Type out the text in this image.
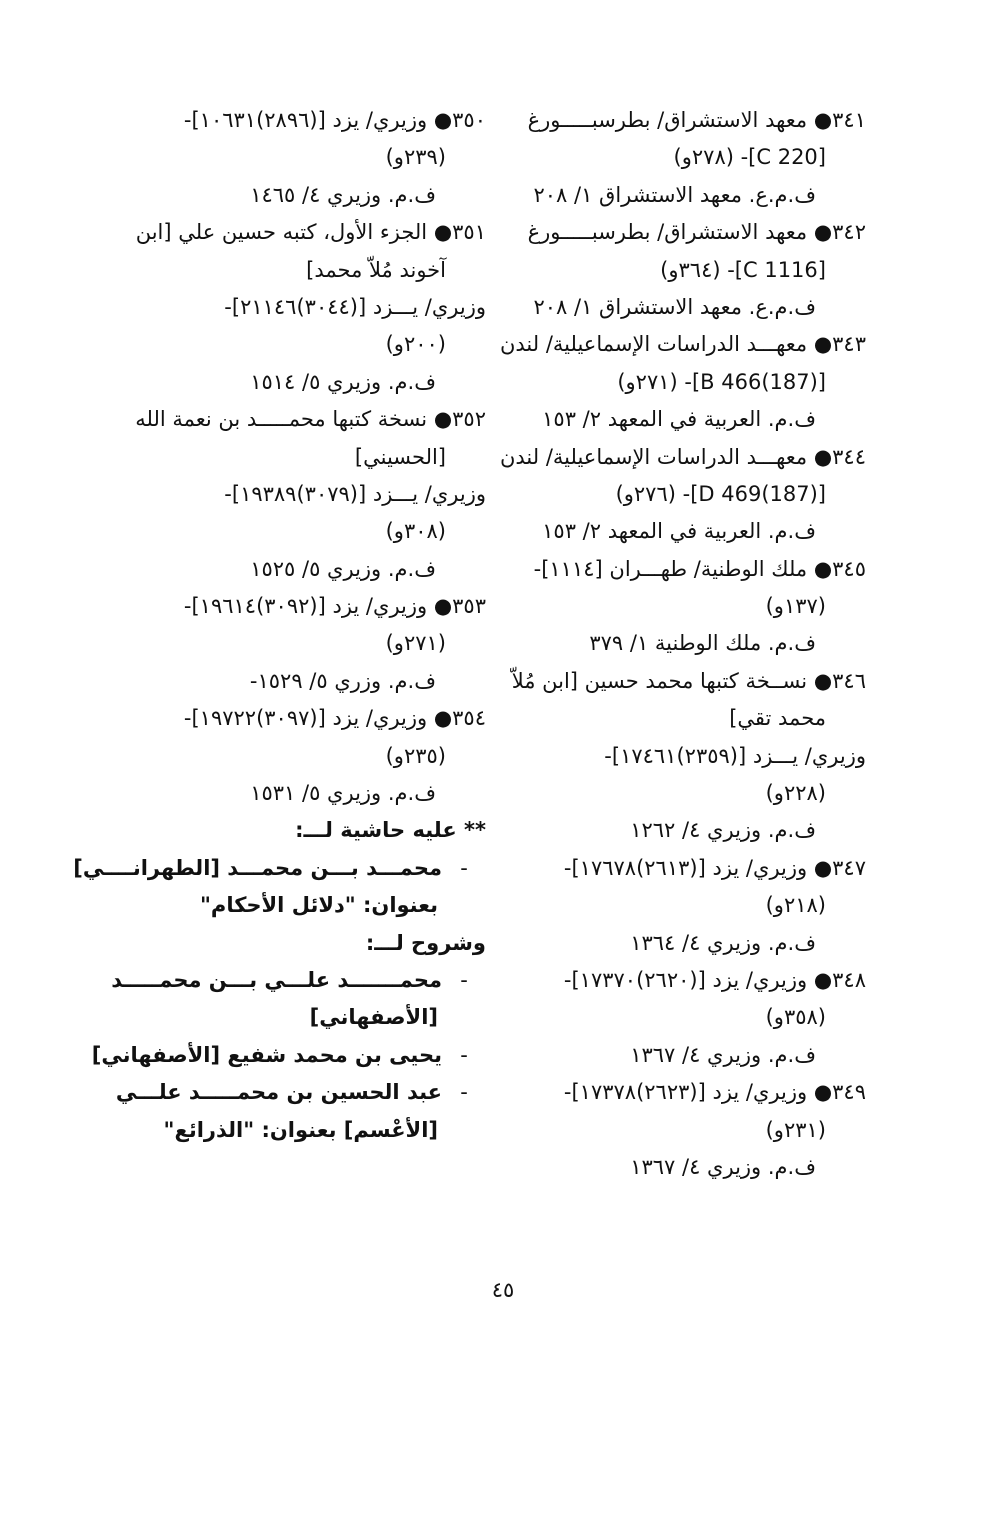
٣٤١● معهد الاستشراق/ بطرسبـــــورغ
[C 220]- (٢٧٨و)
ف.م.ع. معهد الاستشراق ١/ ٢٠٨
٣٤٢● معهد الاستشراق/ بطرسبـــــورغ
[C 1116]- (٣٦٤و)
ف.م.ع. معهد الاستشراق ١/ ٢٠٨
٣٤٣● معهـــد الدراسات الإسماعيلية/ لندن
[B 466(187)]- (٢٧١و)
ف.م. العربية في المعهد ٢/ ١٥٣
٣٤٤● معهـــد الدراسات الإسماعيلية/ لندن
[D 469(187)]- (٢٧٦و)
ف.م. العربية في المعهد ٢/ ١٥٣
٣٤٥● ملك الوطنية/ طهـــران [١١١٤]-
(١٣٧و)
ف.م. ملك الوطنية ١/ ٣٧٩
٣٤٦● نســخة كتبها محمد حسين [ابن مُلاّ
محمد تقي]
وزيري/ يـــزد [(٢٣٥٩)١٧٤٦١]-
(٢٢٨و)
ف.م. وزيري ٤/ ١٢٦٢
٣٤٧● وزيري/ يزد [(٢٦١٣)١٧٦٧٨]-
(٢١٨و)
ف.م. وزيري ٤/ ١٣٦٤
٣٤٨● وزيري/ يزد [(٢٦٢٠)١٧٣٧٠]-
(٣٥٨و)
ف.م. وزيري ٤/ ١٣٦٧
٣٤٩● وزيري/ يزد [(٢٦٢٣)١٧٣٧٨]-
(٢٣١و)
ف.م. وزيري ٤/ ١٣٦٧
٣٥٠● وزيري/ يزد [(٢٨٩٦)١٠٦٣١]-
(٢٣٩و)
ف.م. وزيري ٤/ ١٤٦٥
٣٥١● الجزء الأول، كتبه حسين علي [ابن
آخوند مُلاّ محمد]
وزيري/ يـــزد [(٣٠٤٤)٢١١٤٦]-
(٢٠٠و)
ف.م. وزيري ٥/ ١٥١٤
٣٥٢● نسخة كتبها محمـــــد بن نعمة الله
[الحسيني]
وزيري/ يـــزد [(٣٠٧٩)١٩٣٨٩]-
(٣٠٨و)
ف.م. وزيري ٥/ ١٥٢٥
٣٥٣● وزيري/ يزد [(٣٠٩٢)١٩٦١٤]-
(٢٧١و)
ف.م. وزري ٥/ ١٥٢٩-
٣٥٤● وزيري/ يزد [(٣٠٩٧)١٩٧٢٢]-
(٢٣٥و)
ف.م. وزيري ٥/ ١٥٣١
** عليه حاشية لـــ:
-محمـــد بـــن محمـــد [الطهرانــــي]
بعنوان: "دلائل الأحكام"
وشروح لـــ:
-محمـــــــد علـــي بـــن محمـــــد
[الأصفهاني]
-يحيى بن محمد شفيع [الأصفهاني]
-عبد الحسين بن محمـــــد علـــي
[الأعْسم] بعنوان: "الذرائع"
٤٥
